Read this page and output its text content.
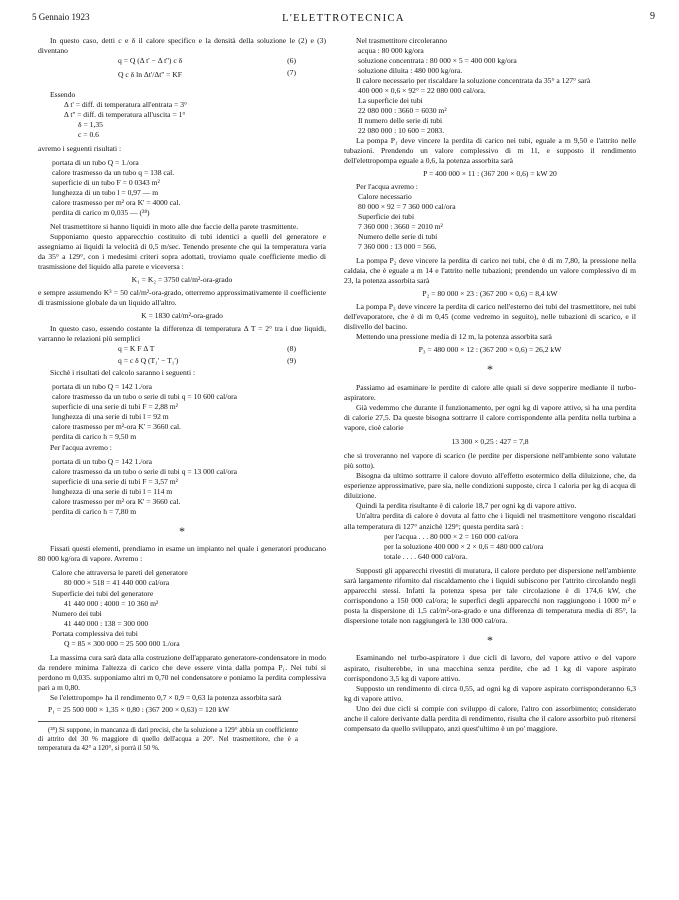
5 Gennaio 1923	L'ELETTROTECNICA	9

In questo caso, detti c e δ il calore specifico e la densità della soluzione le (2) e (3) diventano

q = Q (Δ t' − Δ t'') c δ	(6)
Q c δ ln Δt'/Δt'' = KF	(7)

Essendo

Δ t' = diff. di temperatura all'entrata = 3°
Δ t'' = diff. di temperatura all'uscita = 1°
δ = 1,35
c = 0.6

avremo i seguenti risultati :

portata di un tubo Q = 1./ora
calore trasmesso da un tubo q = 138 cal.
superficie di un tubo F = 0 0343 m²
lunghezza di un tubo l = 0,97 — m
calore trasmesso per m² ora K' = 4000 cal.
perdita di carico m 0,035 — (²⁸)

Nel trasmettitore si hanno liquidi in moto alle due faccie della parete trasmittente.

Supponiamo questo apparecchio costituito di tubi identici a quelli del generatore e assegniamo ai liquidi la velocità di 0,5 m/sec. Tenendo presente che qui la temperatura varia da 35° a 129°, con i medesimi criteri sopra adottati, troviamo quale coefficiente medio di trasmissione del liquido alla parete e viceversa :

K₁ = K₂ = 3750 cal/m²-ora-grado

e sempre assumendo K³ = 50 cal/m²-ora-grado, otterremo approssimativamente il coefficiente di trasmissione globale da un liquido all'altro.

K = 1830 cal/m²-ora-grado

In questo caso, essendo costante la differenza di temperatura Δ T = 2° tra i due liquidi, varranno le relazioni più semplici

q = K F Δ T	(8)
q = c δ Q (T₁' − T₁')	(9)

Sicchè i risultati del calcolo saranno i seguenti :

portata di un tubo Q = 142 1./ora
calore trasmesso da un tubo o serie di tubi q = 10 600 cal/ora
superficie di una serie di tubi F = 2,88 m²
lunghezza di una serie di tubi l = 92 m
calore trasmesso per m²-ora K' = 3660 cal.
perdita di carico h = 9,50 m

Per l'acqua avremo :

portata di un tubo Q = 142 1./ora
calore trasmesso da un tubo o serie di tubi q = 13 000 cal/ora
superficie di una serie di tubi F = 3,57 m²
lunghezza di una serie di tubi l = 114 m
calore trasmesso per m² ora K' = 3660 cal.
perdita di carico h = 7,80 m
*

Fissati questi elementi, prendiamo in esame un impianto nel quale i generatori producano 80 000 kg/ora di vapore. Avremo :

Calore che attraversa le pareti del generatore
80 000 × 518 = 41 440 000 cal/ora
Superficie dei tubi del generatore
41 440 000 : 4000 = 10 360 m²
Numero dei tubi
41 440 000 : 138 = 300 000
Portata complessiva dei tubi
Q = 85 × 300 000 = 25 500 000 1./ora

La massima cura sarà data alla costruzione dell'apparato generatore-condensatore in modo da rendere minima l'altezza di carico che deve essere vinta dalla pompa P₁. Nei tubi si perdono m 0,035. supponiamo altri m 0,70 nel condensatore e poniamo la perdita complessiva pari a m 0,80.

Se l'elettropomp» ha il rendimento 0,7 × 0,9 = 0,63 la potenza assorbita sarà

P₁ = 25 500 000 × 1,35 × 0,80 : (367 200 × 0,63) = 120 kW

(²⁸) Si suppone, in mancanza di dati precisi, che la soluzione a 129° abbia un coefficiente di attrito del 30 % maggiore di quello dell'acqua a 20°. Nel trasmettitore, che è a temperatura da 42° a 120°, si porrà il 50 %.

Nel trasmettitore circoleranno

acqua : 80 000 kg/ora
soluzione concentrata : 80 000 × 5 = 400 000 kg/ora
soluzione diluita : 480 000 kg/ora.

Il calore necessario per riscaldare la soluzione concentrata da 35° a 127° sarà

400 000 × 0,6 × 92° = 22 080 000 cal/ora.
La superficie dei tubi
22 080 000 : 3660 = 6030 m²
Il numero delle serie di tubi
22 080 000 : 10 600 = 2083.

La pompa P₁ deve vincere la perdita di carico nei tubi, eguale a m 9,50 e l'attrito nelle tubazioni. Prendendo un valore complessivo di m 11, e supposto il rendimento dell'elettropompa eguale a 0,6, la potenza assorbita sarà

P = 400 000 × 11 : (367 200 × 0,6) = kW 20

Per l'acqua avremo :

Calore necessario
80 000 × 92 = 7 360 000 cal/ora
Superficie dei tubi
7 360 000 : 3660 = 2010 m²
Numero delle serie di tubi
7 360 000 : 13 000 = 566.

La pompa P₂ deve vincere la perdita di carico nei tubi, che è di m 7,80, la pressione nella caldaia, che è eguale a m 14 e l'attrito nelle tubazioni; prendendo un valore complessivo di m 23, la potenza assorbita sarà

P₂ = 80 000 × 23 : (367 200 × 0,6) = 8,4 kW

La pompa P₃ deve vincere la perdita di carico nell'esterno dei tubi del trasmettitore, nei tubi dell'evaporatore, che è di m 0,45 (come vedremo in seguito), nelle tubazioni di scarico, e il dislivello del bacino.

Mettendo una pressione media di 12 m, la potenza assorbita sarà

P₃ = 480 000 × 12 : (367 200 × 0,6) = 26,2 kW
*

Passiamo ad esaminare le perdite di calore alle quali si deve sopperire mediante il turbo-aspiratore.

Già vedemmo che durante il funzionamento, per ogni kg di vapore attivo, si ha una perdita di calorie 27,5. Da queste bisogna sottrarre il calore corrispondente alla perdita nella turbina a vapore, cioè calorie

13 300 × 0,25 : 427 = 7,8

che si troveranno nel vapore di scarico (le perdite per dispersione nell'ambiente sono valutate più sotto).

Bisogna da ultimo sottrarre il calore dovuto all'effetto esotermico della diluizione, che, da esperienze approssimative, pare sia, nelle condizioni supposte, circa 1 caloria per kg di acqua di diluizione.

Quindi la perdita risultante è di calorie 18,7 per ogni kg di vapore attivo.

Un'altra perdita di calore è dovuta al fatto che i liquidi nel trasmettitore vengono riscaldati alla temperatura di 127° anzichè 129°; questa perdita sarà :

per l'acqua . . . 80 000 × 2 = 160 000 cal/ora
per la soluzione 400 000 × 2 × 0,6 = 480 000 cal/ora
totale . . . . 640 000 cal/ora.

Supposti gli apparecchi rivestiti di muratura, il calore perduto per dispersione nell'ambiente sarà largamente rifornito dal riscaldamento che i liquidi subiscono per l'attrito circolando negli apparecchi stessi. Infatti la potenza spesa per tale circolazione è di 174,6 kW, che corrispondono a 150 000 cal/ora; le superfici degli apparecchi non raggiungono i 1000 m² e posta la dispersione di 1,5 cal/m²-ora-grado e una differenza di temperatura media di 85°, la dispersione totale non raggiungerà le 130 000 cal/ora.

*

Esaminando nel turbo-aspiratore i due cicli di lavoro, del vapore attivo e del vapore aspirato, risulterebbe, in una macchina senza perdite, che ad 1 kg di vapore aspirato corrispondono 3,5 kg di vapore attivo.

Supposto un rendimento di circa 0,55, ad ogni kg di vapore aspirato corrisponderanno 6,3 kg di vapore attivo.

Uno dei due cicli si compie con sviluppo di calore, l'altro con assorbimento; considerato anche il calore derivante dalla perdita di rendimento, risulta che il calore assorbito può ritenersi compensato da quello sviluppato, anzi quest'ultimo è un po' maggiore.
